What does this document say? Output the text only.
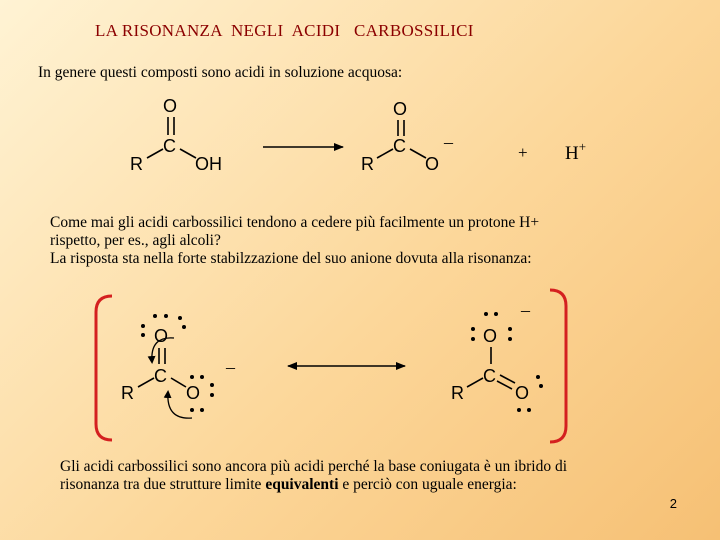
LA RISONANZA  NEGLI  ACIDI   CARBOSSILICI
In genere questi composti sono acidi in soluzione acquosa:
O
C
R	OH
O
C
R	O
–
+ H+
O
C
R	O
–
O
–
C
R	O
Come mai gli acidi carbossilici tendono a cedere più facilmente un protone H+
rispetto, per es., agli alcoli?
La risposta sta nella forte stabilzzazione del suo anione dovuta alla risonanza:
Gli acidi carbossilici sono ancora più acidi perché la base coniugata è un ibrido di
risonanza tra due strutture limite equivalenti e perciò con uguale energia:
2
